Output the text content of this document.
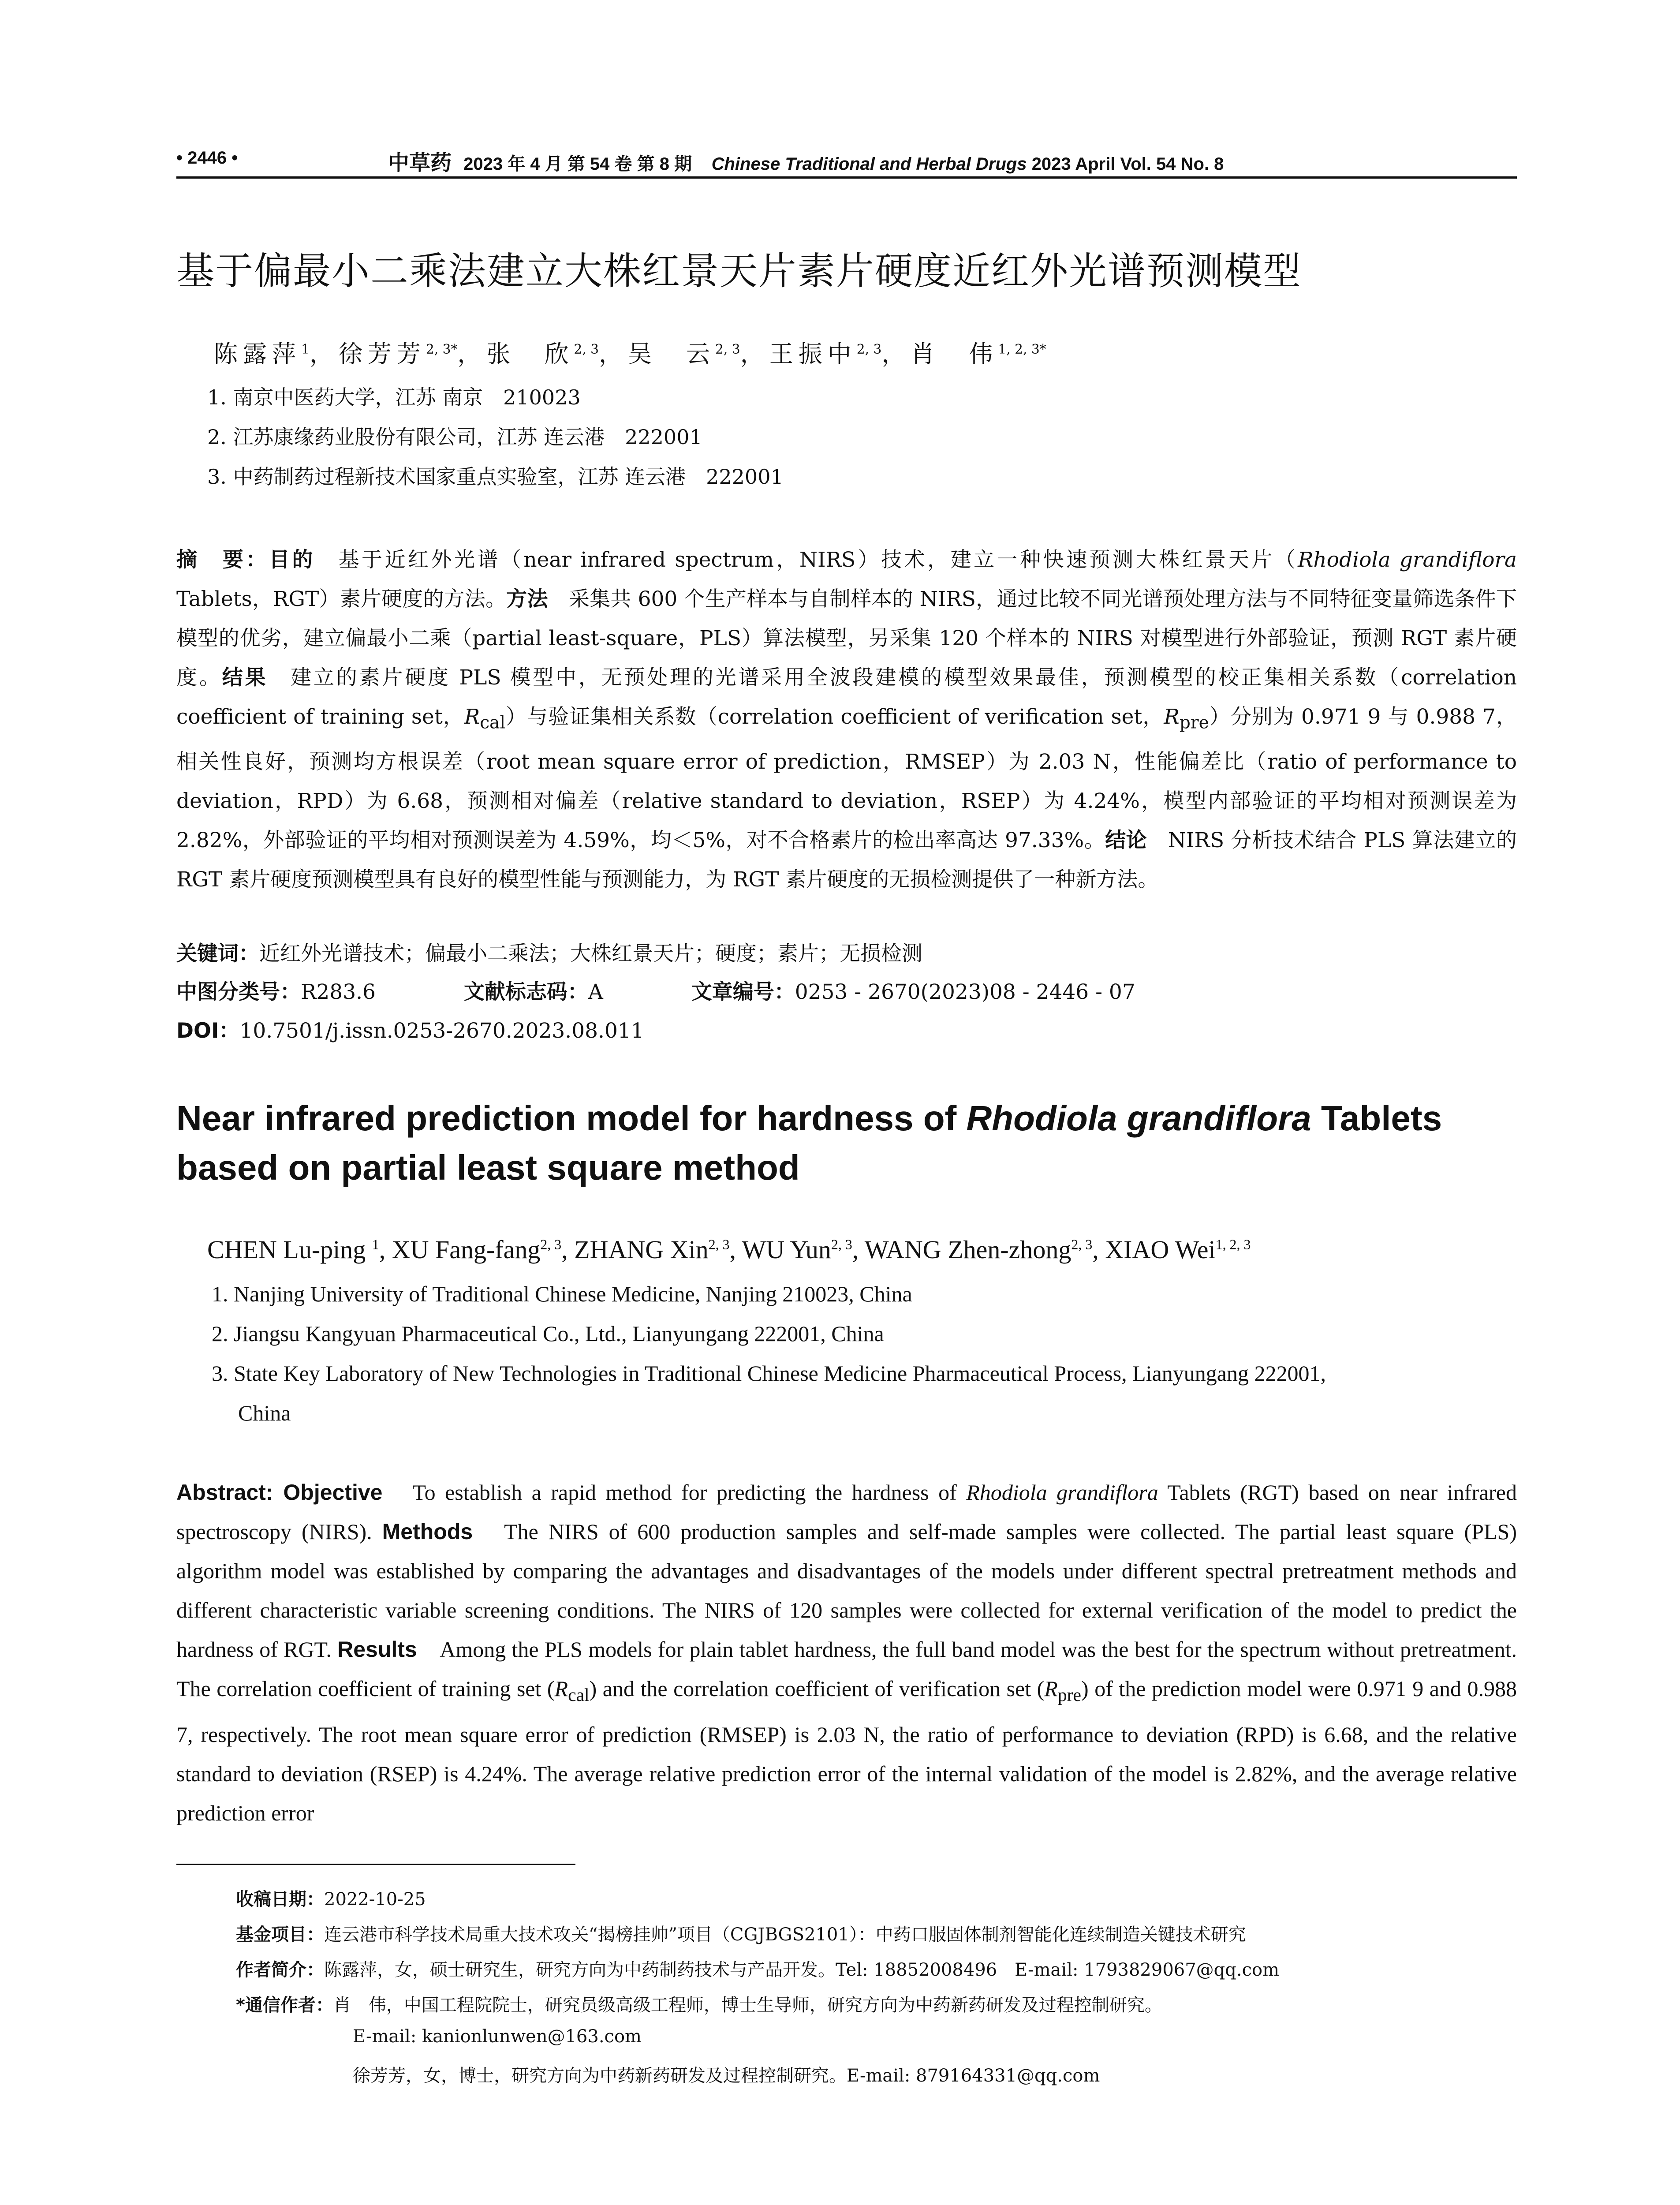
• 2446 •	中草药 2023 年 4 月 第 54 卷 第 8 期 Chinese Traditional and Herbal Drugs 2023 April Vol. 54 No. 8
基于偏最小二乘法建立大株红景天片素片硬度近红外光谱预测模型
陈露萍$^1$，徐芳芳$^{2, 3*}$，张　欣$^{2, 3}$，吴　云$^{2, 3}$，王振中$^{2, 3}$，肖　伟$^{1, 2, 3*}$
1. 南京中医药大学，江苏 南京　210023
2. 江苏康缘药业股份有限公司，江苏 连云港　222001
3. 中药制药过程新技术国家重点实验室，江苏 连云港　222001
摘　要：目的　基于近红外光谱（near infrared spectrum，NIRS）技术，建立一种快速预测大株红景天片（Rhodiola grandiflora Tablets，RGT）素片硬度的方法。方法　采集共 600 个生产样本与自制样本的 NIRS，通过比较不同光谱预处理方法与不同特征变量筛选条件下模型的优劣，建立偏最小二乘（partial least-square，PLS）算法模型，另采集 120 个样本的 NIRS 对模型进行外部验证，预测 RGT 素片硬度。结果　建立的素片硬度 PLS 模型中，无预处理的光谱采用全波段建模的模型效果最佳，预测模型的校正集相关系数（correlation coefficient of training set，$R_{cal}$）与验证集相关系数（correlation coefficient of verification set，$R_{pre}$）分别为 0.971 9 与 0.988 7，相关性良好，预测均方根误差（root mean square error of prediction，RMSEP）为 2.03 N，性能偏差比（ratio of performance to deviation，RPD）为 6.68，预测相对偏差（relative standard to deviation，RSEP）为 4.24%，模型内部验证的平均相对预测误差为 2.82%，外部验证的平均相对预测误差为 4.59%，均＜5%，对不合格素片的检出率高达 97.33%。结论　NIRS 分析技术结合 PLS 算法建立的 RGT 素片硬度预测模型具有良好的模型性能与预测能力，为 RGT 素片硬度的无损检测提供了一种新方法。
关键词：近红外光谱技术；偏最小二乘法；大株红景天片；硬度；素片；无损检测
中图分类号：R283.6	文献标志码：A	文章编号：0253 - 2670(2023)08 - 2446 - 07
DOI：10.7501/j.issn.0253-2670.2023.08.011
Near infrared prediction model for hardness of Rhodiola grandiflora Tablets based on partial least square method
CHEN Lu-ping $^1$, XU Fang-fang$^{2, 3}$, ZHANG Xin$^{2, 3}$, WU Yun$^{2, 3}$, WANG Zhen-zhong$^{2, 3}$, XIAO Wei$^{1, 2, 3}$
1. Nanjing University of Traditional Chinese Medicine, Nanjing 210023, China
2. Jiangsu Kangyuan Pharmaceutical Co., Ltd., Lianyungang 222001, China
3. State Key Laboratory of New Technologies in Traditional Chinese Medicine Pharmaceutical Process, Lianyungang 222001,
China
Abstract: Objective　To establish a rapid method for predicting the hardness of Rhodiola grandiflora Tablets (RGT) based on near infrared spectroscopy (NIRS). Methods　The NIRS of 600 production samples and self-made samples were collected. The partial least square (PLS) algorithm model was established by comparing the advantages and disadvantages of the models under different spectral pretreatment methods and different characteristic variable screening conditions. The NIRS of 120 samples were collected for external verification of the model to predict the hardness of RGT. Results　Among the PLS models for plain tablet hardness, the full band model was the best for the spectrum without pretreatment. The correlation coefficient of training set $(R_{cal})$ and the correlation coefficient of verification set $(R_{pre})$ of the prediction model were 0.971 9 and 0.988 7, respectively. The root mean square error of prediction (RMSEP) is 2.03 N, the ratio of performance to deviation (RPD) is 6.68, and the relative standard to deviation (RSEP) is 4.24%. The average relative prediction error of the internal validation of the model is 2.82%, and the average relative prediction error
收稿日期：2022-10-25
基金项目：连云港市科学技术局重大技术攻关“揭榜挂帅”项目（CGJBGS2101）：中药口服固体制剂智能化连续制造关键技术研究
作者简介：陈露萍，女，硕士研究生，研究方向为中药制药技术与产品开发。Tel: 18852008496　E-mail: 1793829067@qq.com
*通信作者：肖　伟，中国工程院院士，研究员级高级工程师，博士生导师，研究方向为中药新药研发及过程控制研究。
E-mail: kanionlunwen@163.com
徐芳芳，女，博士，研究方向为中药新药研发及过程控制研究。E-mail: 879164331@qq.com
